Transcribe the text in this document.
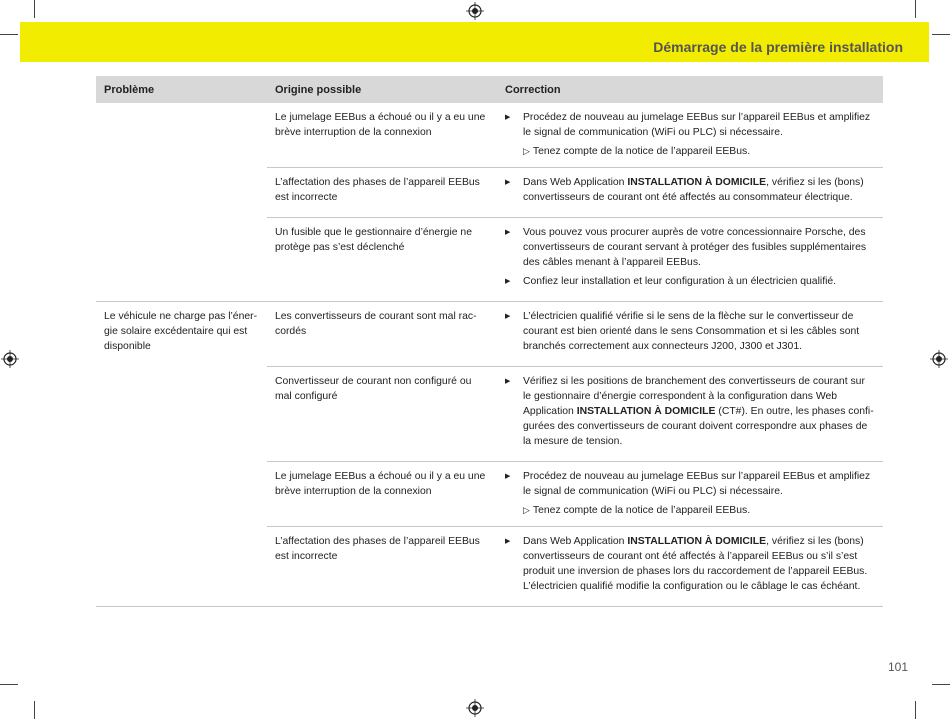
Démarrage de la première installation
Problème	Origine possible	Correction
	Le jumelage EEBus a échoué ou il y a eu une brève interruption de la connexion	▶ Procédez de nouveau au jumelage EEBus sur l’appareil EEBus et amplifiez le signal de communication (WiFi ou PLC) si nécessaire.
▷ Tenez compte de la notice de l’appareil EEBus.

	L’affectation des phases de l’appareil EEBus est incorrecte	▶ Dans Web Application INSTALLATION À DOMICILE, vérifiez si les (bons) convertisseurs de courant ont été affectés au consommateur électrique.

	Un fusible que le gestionnaire d’énergie ne protège pas s’est déclenché	▶ Vous pouvez vous procurer auprès de votre concessionnaire Porsche, des convertisseurs de courant servant à protéger des fusibles supplémentaires des câbles menant à l’appareil EEBus.
▶ Confiez leur installation et leur configuration à un électricien qualifié.

Le véhicule ne charge pas l’énergie solaire excédentaire qui est disponible	Les convertisseurs de courant sont mal raccordés	▶ L’électricien qualifié vérifie si le sens de la flèche sur le convertisseur de courant est bien orienté dans le sens Consommation et si les câbles sont branchés correctement aux connecteurs J200, J300 et J301.

	Convertisseur de courant non configuré ou mal configuré	▶ Vérifiez si les positions de branchement des convertisseurs de courant sur le gestionnaire d’énergie correspondent à la configuration dans Web Application INSTALLATION À DOMICILE (CT#). En outre, les phases configurées des convertisseurs de courant doivent correspondre aux phases de la mesure de tension.

	Le jumelage EEBus a échoué ou il y a eu une brève interruption de la connexion	▶ Procédez de nouveau au jumelage EEBus sur l’appareil EEBus et amplifiez le signal de communication (WiFi ou PLC) si nécessaire.
▷ Tenez compte de la notice de l’appareil EEBus.

	L’affectation des phases de l’appareil EEBus est incorrecte	▶ Dans Web Application INSTALLATION À DOMICILE, vérifiez si les (bons) convertisseurs de courant ont été affectés à l’appareil EEBus ou s’il s’est produit une inversion de phases lors du raccordement de l’appareil EEBus. L’électricien qualifié modifie la configuration ou le câblage le cas échéant.
101
